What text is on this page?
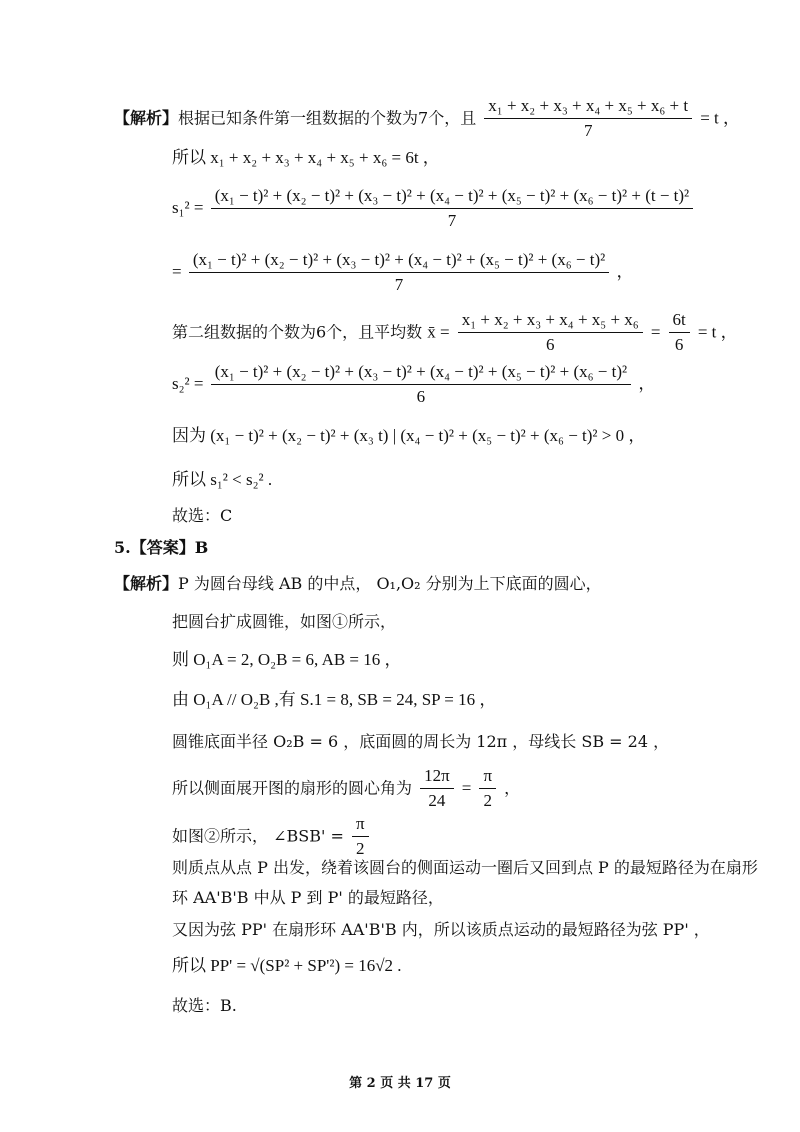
【解析】根据已知条件第一组数据的个数为7个，且 $\frac{\text{x₁ + x₂ + x₃ + x₄ + x₅ + x₆ + t}}{7} = t$ ，
所以 x₁ + x₂ + x₃ + x₄ + x₅ + x₆ = 6t ，
s₁² =
(x₁ − t)² + (x₂ − t)² + (x₃ − t)² + (x₄ − t)² + (x₅ − t)² + (x₆ − t)² + (t − t)²
7
=
(x₁ − t)² + (x₂ − t)² + (x₃ − t)² + (x₄ − t)² + (x₅ − t)² + (x₆ − t)²
7
，
第二组数据的个数为6个，且平均数 x̄ = $\frac{\text{x₁ + x₂ + x₃ + x₄ + x₅ + x₆}}{6} = \frac{6t}{6} = t$ ，
s₂² =
(x₁ − t)² + (x₂ − t)² + (x₃ − t)² + (x₄ − t)² + (x₅ − t)² + (x₆ − t)²
6
，
因为 (x₁ − t)² + (x₂ − t)² + (x₃ t) | (x₄ − t)² + (x₅ − t)² + (x₆ − t)² > 0 ，
所以 s₁² < s₂² .
故选：C
5.【答案】B
【解析】P 为圆台母线 AB 的中点， O₁,O₂ 分别为上下底面的圆心，
把圆台扩成圆锥，如图①所示，
则 O₁A = 2, O₂B = 6, AB = 16 ，
由 O₁A // O₂B ,有 S.1 = 8, SB = 24, SP = 16 ，
圆锥底面半径 O₂B = 6 ，底面圆的周长为 12π ，母线长 SB = 24 ，
所以侧面展开图的扇形的圆心角为 $\frac{12\pi}{24} = \frac{\pi}{2}$ ，
如图②所示， ∠BSB' = $\frac{\pi}{2}$
则质点从点 P 出发，绕着该圆台的侧面运动一圈后又回到点 P 的最短路径为在扇形
环 AA'B'B 中从 P 到 P' 的最短路径，
又因为弦 PP' 在扇形环 AA'B'B 内，所以该质点运动的最短路径为弦 PP' ，
所以 PP' = √(SP² + SP'²) = 16√2 .
故选：B.
第 2 页 共 17 页
